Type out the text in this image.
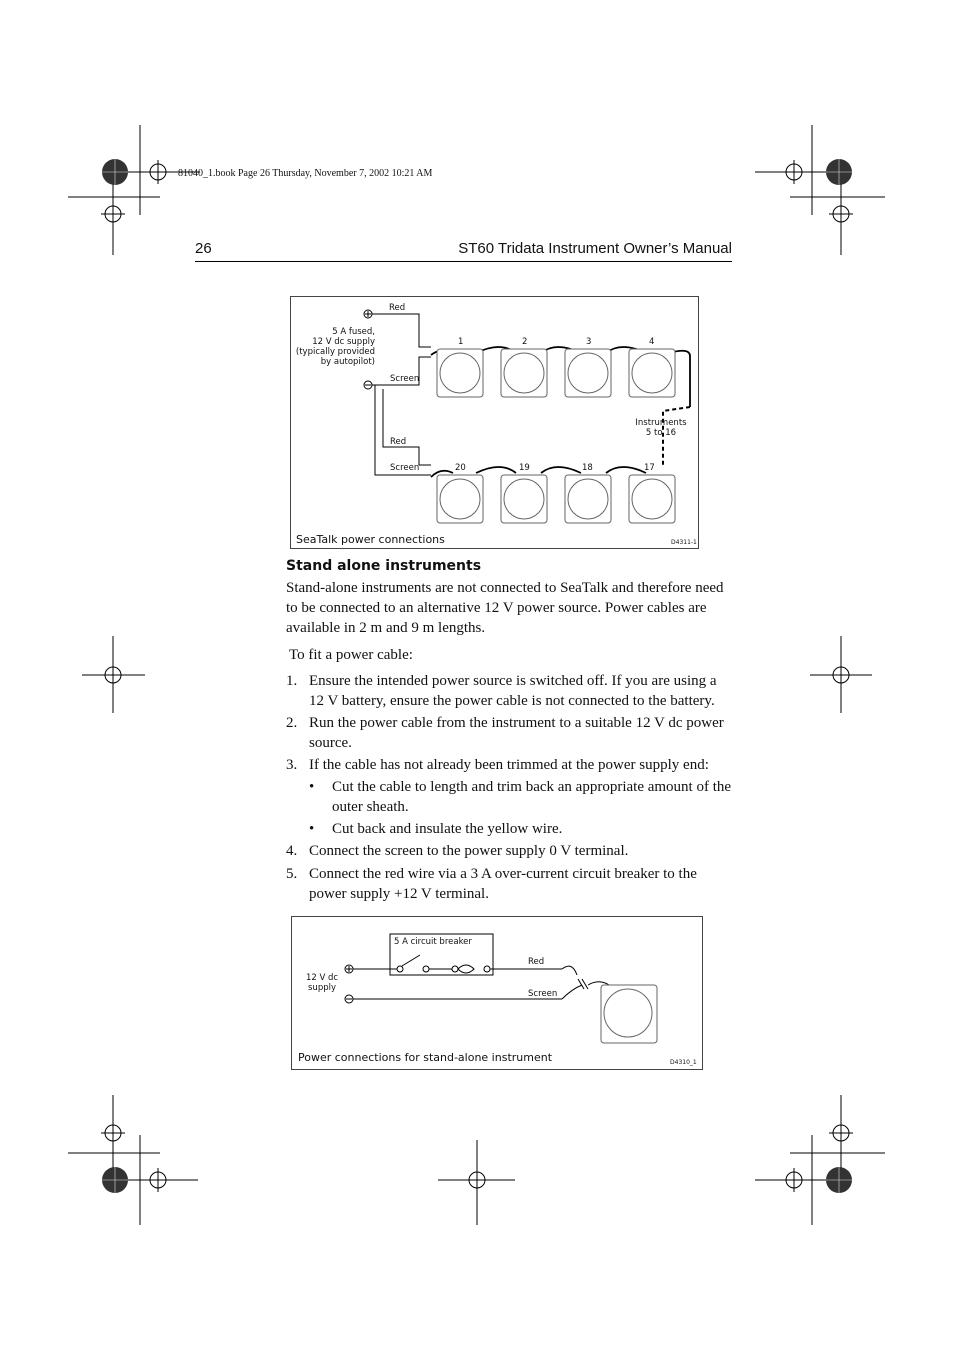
81040_1.book Page 26 Thursday, November 7, 2002 10:21 AM
26	ST60 Tridata Instrument Owner’s Manual
Red
5 A fused,
12 V dc supply
(typically provided
by autopilot)
Screen
Red
Screen
1	2	3	4
20	19	18	17
Instruments
5 to 16
SeaTalk power connections	D4311-1
Stand alone instruments
Stand-alone instruments are not connected to SeaTalk and therefore need to be connected to an alternative 12 V power source. Power cables are available in 2 m and 9 m lengths.
To fit a power cable:
1. Ensure the intended power source is switched off. If you are using a 12 V battery, ensure the power cable is not connected to the battery.
2. Run the power cable from the instrument to a suitable 12 V dc power source.
3. If the cable has not already been trimmed at the power supply end:
• Cut the cable to length and trim back an appropriate amount of the outer sheath.
• Cut back and insulate the yellow wire.
4. Connect the screen to the power supply 0 V terminal.
5. Connect the red wire via a 3 A over-current circuit breaker to the power supply +12 V terminal.
5 A circuit breaker
12 V dc
supply
Red
Screen
Power connections for stand-alone instrument	D4310_1
